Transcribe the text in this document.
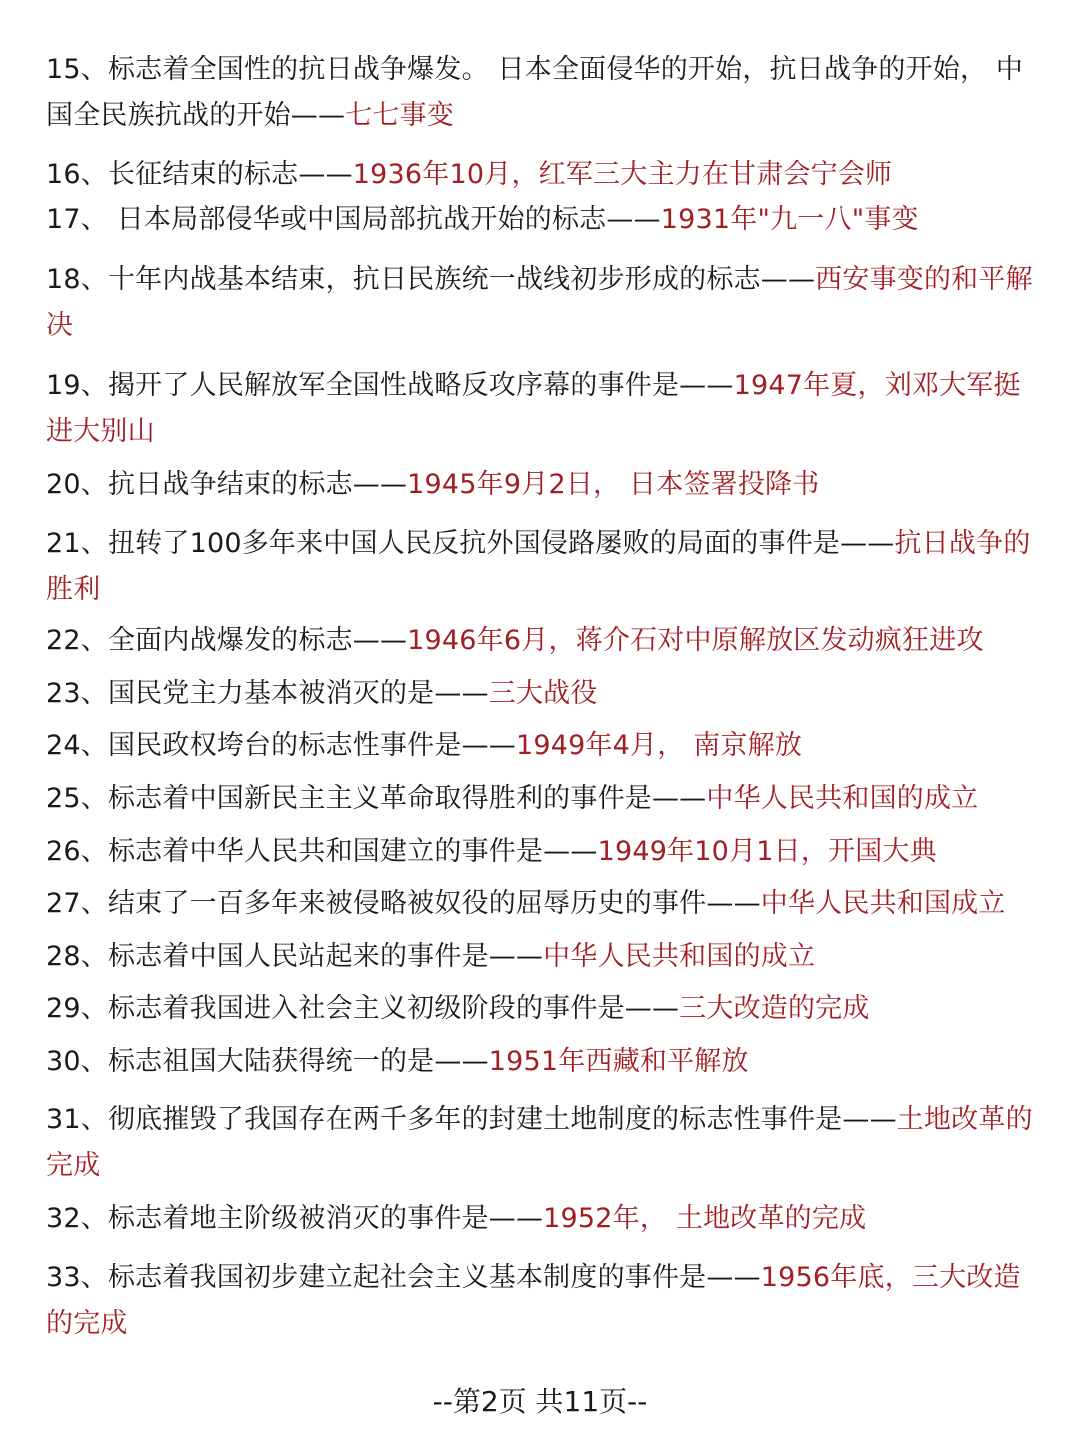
15、标志着全国性的抗日战争爆发。 日本全面侵华的开始，抗日战争的开始， 中国全民族抗战的开始——七七事变
16、长征结束的标志——1936年10月，红军三大主力在甘肃会宁会师
17、 日本局部侵华或中国局部抗战开始的标志——1931年"九一八"事变
18、十年内战基本结束，抗日民族统一战线初步形成的标志——西安事变的和平解决
19、揭开了人民解放军全国性战略反攻序幕的事件是——1947年夏，刘邓大军挺进大别山
20、抗日战争结束的标志——1945年9月2日， 日本签署投降书
21、扭转了100多年来中国人民反抗外国侵路屡败的局面的事件是——抗日战争的胜利
22、全面内战爆发的标志——1946年6月，蒋介石对中原解放区发动疯狂进攻
23、国民党主力基本被消灭的是——三大战役
24、国民政权垮台的标志性事件是——1949年4月， 南京解放
25、标志着中国新民主主义革命取得胜利的事件是——中华人民共和国的成立
26、标志着中华人民共和国建立的事件是——1949年10月1日，开国大典
27、结束了一百多年来被侵略被奴役的屈辱历史的事件——中华人民共和国成立
28、标志着中国人民站起来的事件是——中华人民共和国的成立
29、标志着我国进入社会主义初级阶段的事件是——三大改造的完成
30、标志祖国大陆获得统一的是——1951年西藏和平解放
31、彻底摧毁了我国存在两千多年的封建土地制度的标志性事件是——土地改革的完成
32、标志着地主阶级被消灭的事件是——1952年， 土地改革的完成
33、标志着我国初步建立起社会主义基本制度的事件是——1956年底，三大改造的完成
--第2页 共11页--
